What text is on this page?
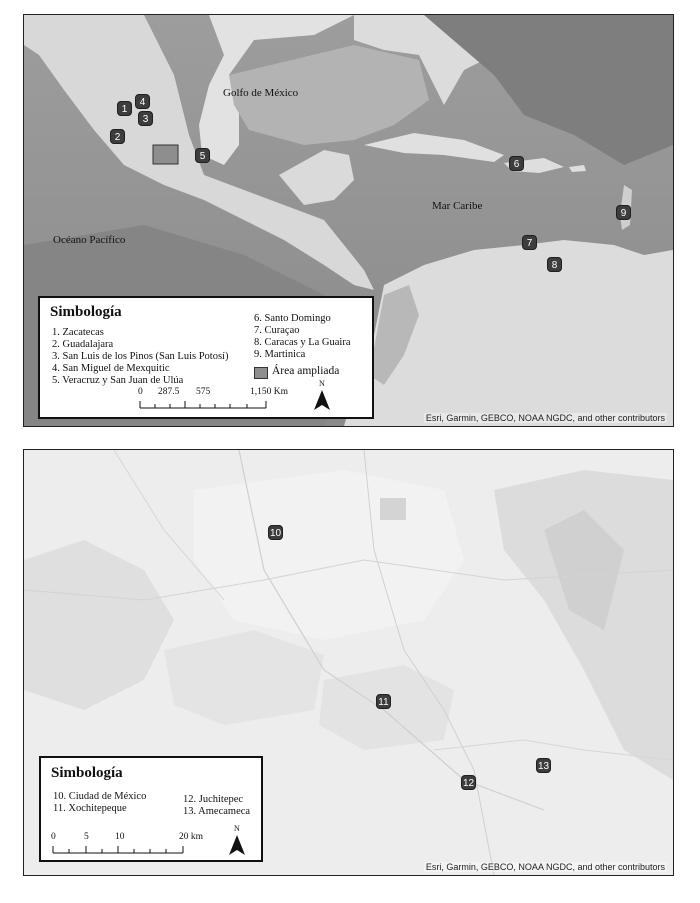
Golfo de México
Mar Caribe
Océano Pacífico
1
2
3
4
5
6
7
8
9
Simbología
1. Zacatecas
2. Guadalajara
3. San Luis de los Pinos (San Luis Potosí)
4. San Miguel de Mexquitic
5. Veracruz y San Juan de Ulúa
6. Santo Domingo
7. Curaçao
8. Caracas y La Guaira
9. Martinica
Área ampliada
0 287.5 575	1,150 Km
N
Esri, Garmin, GEBCO, NOAA NGDC, and other contributors
10
11
12
13
Simbología
10. Ciudad de México
11. Xochitepeque
12. Juchitepec
13. Amecameca
0	5	10	20 km
N
Esri, Garmin, GEBCO, NOAA NGDC, and other contributors
